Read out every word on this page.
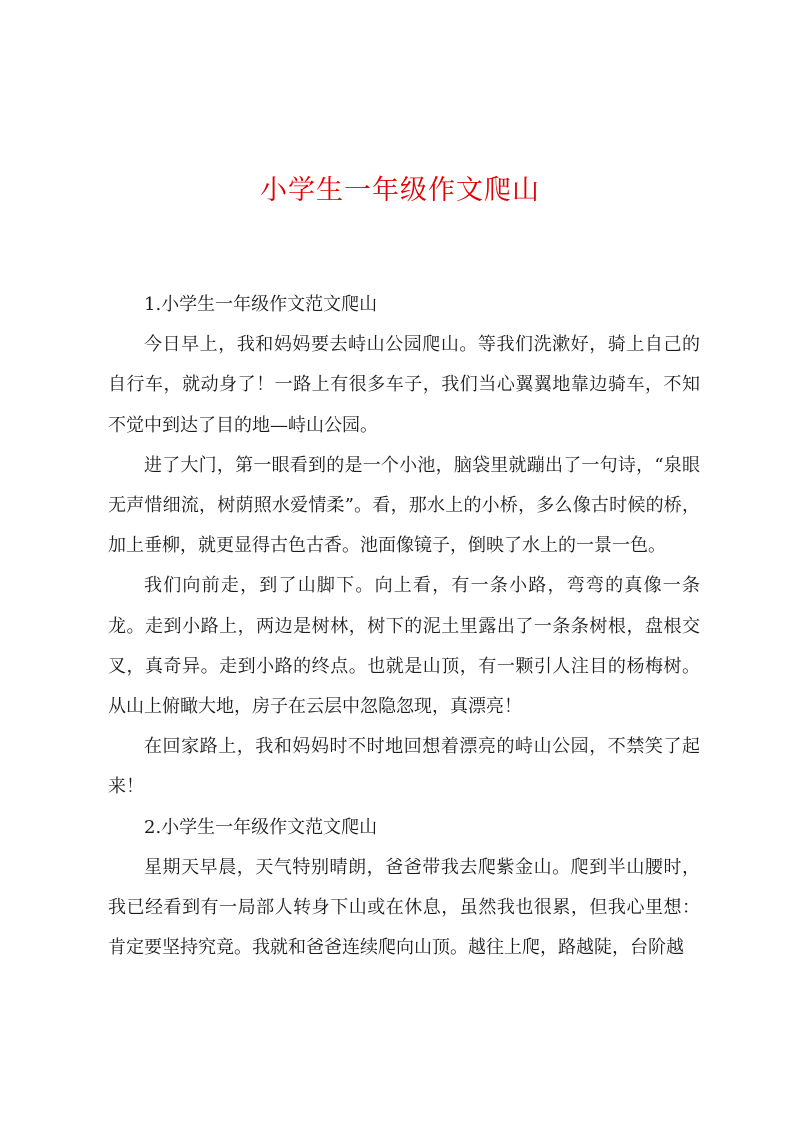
小学生一年级作文爬山

1.小学生一年级作文范文爬山

今日早上，我和妈妈要去峙山公园爬山。等我们洗漱好，骑上自己的自行车，就动身了！一路上有很多车子，我们当心翼翼地靠边骑车，不知不觉中到达了目的地—峙山公园。

进了大门，第一眼看到的是一个小池，脑袋里就蹦出了一句诗，“泉眼无声惜细流，树荫照水爱情柔”。看，那水上的小桥，多么像古时候的桥，加上垂柳，就更显得古色古香。池面像镜子，倒映了水上的一景一色。

我们向前走，到了山脚下。向上看，有一条小路，弯弯的真像一条龙。走到小路上，两边是树林，树下的泥土里露出了一条条树根，盘根交叉，真奇异。走到小路的终点。也就是山顶，有一颗引人注目的杨梅树。从山上俯瞰大地，房子在云层中忽隐忽现，真漂亮！

在回家路上，我和妈妈时不时地回想着漂亮的峙山公园，不禁笑了起来！

2.小学生一年级作文范文爬山

星期天早晨，天气特别晴朗，爸爸带我去爬紫金山。爬到半山腰时，我已经看到有一局部人转身下山或在休息，虽然我也很累，但我心里想：肯定要坚持究竟。我就和爸爸连续爬向山顶。越往上爬，路越陡，台阶越
